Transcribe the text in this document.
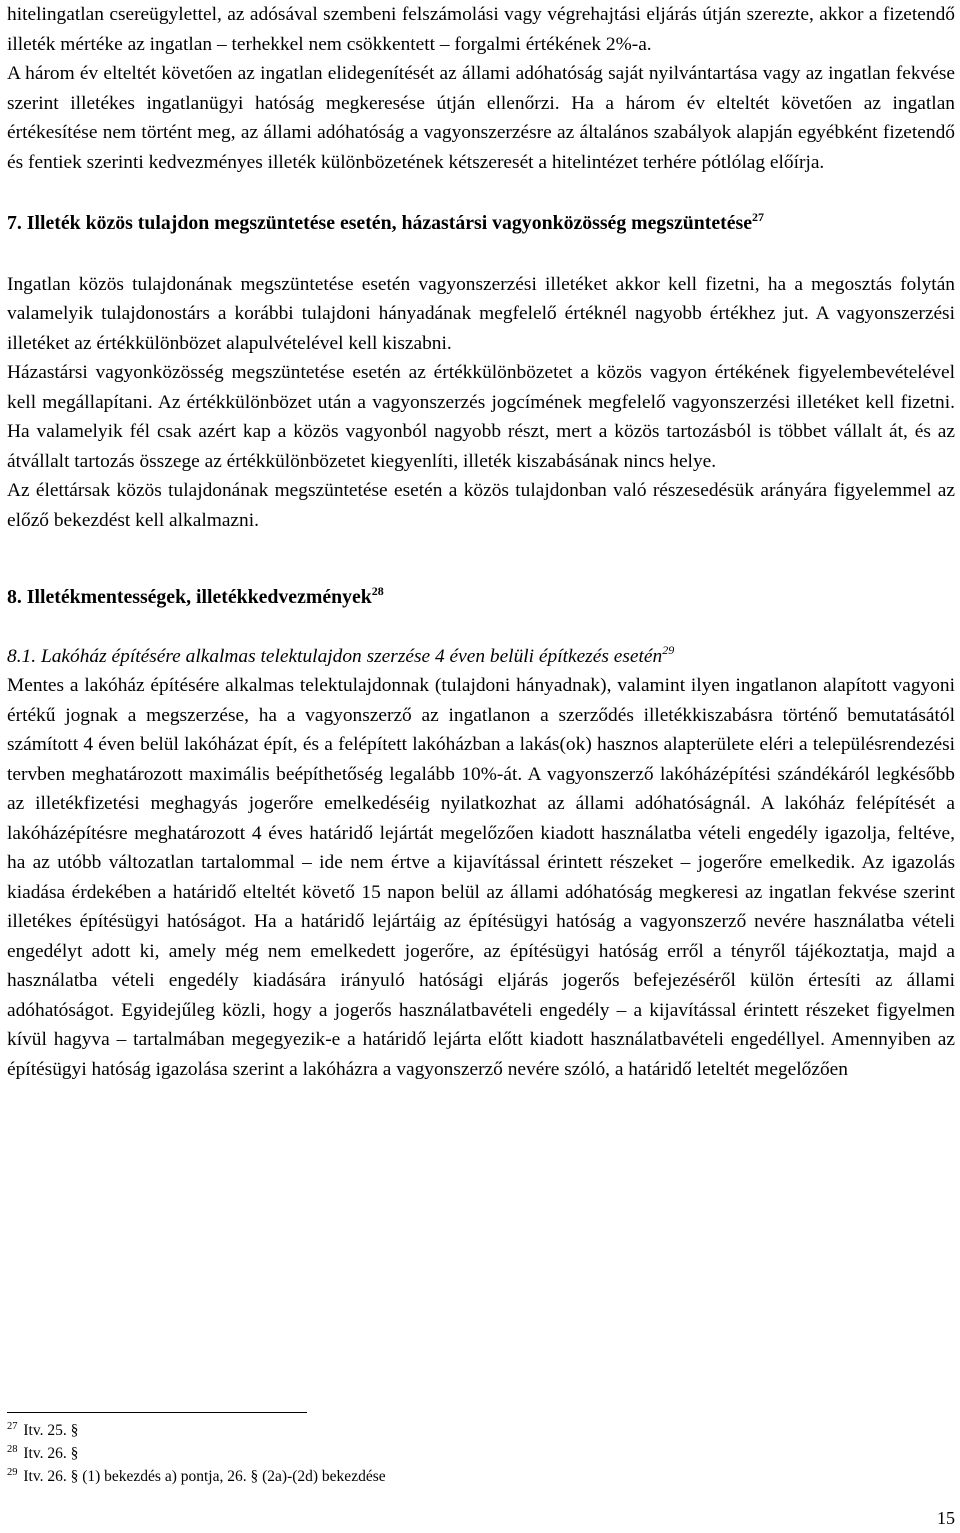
hitelingatlan csereügylettel, az adósával szembeni felszámolási vagy végrehajtási eljárás útján szerezte, akkor a fizetendő illeték mértéke az ingatlan – terhekkel nem csökkentett – forgalmi értékének 2%-a.

A három év elteltét követően az ingatlan elidegenítését az állami adóhatóság saját nyilvántartása vagy az ingatlan fekvése szerint illetékes ingatlanügyi hatóság megkeresése útján ellenőrzi. Ha a három év elteltét követően az ingatlan értékesítése nem történt meg, az állami adóhatóság a vagyonszerzésre az általános szabályok alapján egyébként fizetendő és fentiek szerinti kedvezményes illeték különbözetének kétszeresét a hitelintézet terhére pótlólag előírja.

7. Illeték közös tulajdon megszüntetése esetén, házastársi vagyonközösség megszüntetése$^{27}$

Ingatlan közös tulajdonának megszüntetése esetén vagyonszerzési illetéket akkor kell fizetni, ha a megosztás folytán valamelyik tulajdonostárs a korábbi tulajdoni hányadának megfelelő értéknél nagyobb értékhez jut. A vagyonszerzési illetéket az értékkülönbözet alapulvételével kell kiszabni.

Házastársi vagyonközösség megszüntetése esetén az értékkülönbözetet a közös vagyon értékének figyelembevételével kell megállapítani. Az értékkülönbözet után a vagyonszerzés jogcímének megfelelő vagyonszerzési illetéket kell fizetni. Ha valamelyik fél csak azért kap a közös vagyonból nagyobb részt, mert a közös tartozásból is többet vállalt át, és az átvállalt tartozás összege az értékkülönbözetet kiegyenlíti, illeték kiszabásának nincs helye.

Az élettársak közös tulajdonának megszüntetése esetén a közös tulajdonban való részesedésük arányára figyelemmel az előző bekezdést kell alkalmazni.

8. Illetékmentességek, illetékkedvezmények$^{28}$

8.1. Lakóház építésére alkalmas telektulajdon szerzése 4 éven belüli építkezés esetén$^{29}$

Mentes a lakóház építésére alkalmas telektulajdonnak (tulajdoni hányadnak), valamint ilyen ingatlanon alapított vagyoni értékű jognak a megszerzése, ha a vagyonszerző az ingatlanon a szerződés illetékkiszabásra történő bemutatásától számított 4 éven belül lakóházat épít, és a felépített lakóházban a lakás(ok) hasznos alapterülete eléri a településrendezési tervben meghatározott maximális beépíthetőség legalább 10%-át. A vagyonszerző lakóházépítési szándékáról legkésőbb az illetékfizetési meghagyás jogerőre emelkedéséig nyilatkozhat az állami adóhatóságnál. A lakóház felépítését a lakóházépítésre meghatározott 4 éves határidő lejártát megelőzően kiadott használatba vételi engedély igazolja, feltéve, ha az utóbb változatlan tartalommal – ide nem értve a kijavítással érintett részeket – jogerőre emelkedik. Az igazolás kiadása érdekében a határidő elteltét követő 15 napon belül az állami adóhatóság megkeresi az ingatlan fekvése szerint illetékes építésügyi hatóságot. Ha a határidő lejártáig az építésügyi hatóság a vagyonszerző nevére használatba vételi engedélyt adott ki, amely még nem emelkedett jogerőre, az építésügyi hatóság erről a tényről tájékoztatja, majd a használatba vételi engedély kiadására irányuló hatósági eljárás jogerős befejezéséről külön értesíti az állami adóhatóságot. Egyidejűleg közli, hogy a jogerős használatbavételi engedély – a kijavítással érintett részeket figyelmen kívül hagyva – tartalmában megegyezik-e a határidő lejárta előtt kiadott használatbavételi engedéllyel. Amennyiben az építésügyi hatóság igazolása szerint a lakóházra a vagyonszerző nevére szóló, a határidő leteltét megelőzően

$^{27}$ Itv. 25. §
$^{28}$ Itv. 26. §
$^{29}$ Itv. 26. § (1) bekezdés a) pontja, 26. § (2a)-(2d) bekezdése
15
